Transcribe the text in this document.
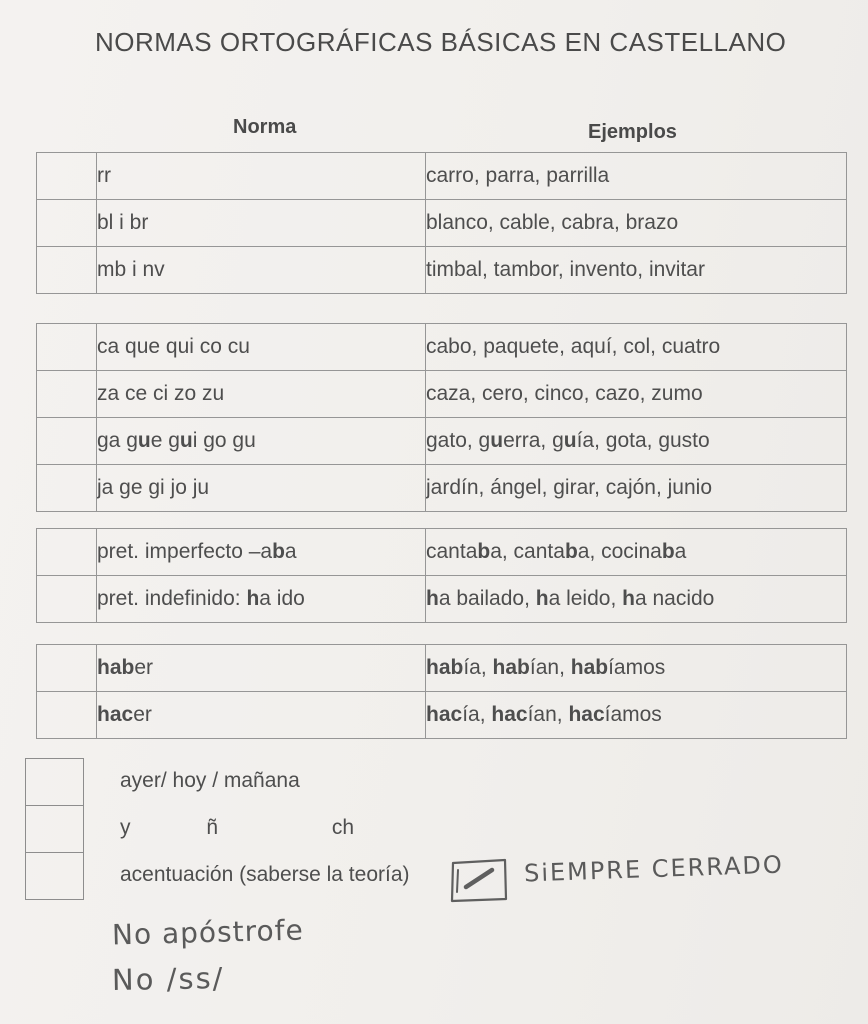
NORMAS ORTOGRÁFICAS BÁSICAS EN CASTELLANO
Norma	Ejemplos
	rr	carro, parra, parrilla
	bl i br	blanco, cable, cabra, brazo
	mb i nv	timbal, tambor, invento, invitar
	ca que qui co cu	cabo, paquete, aquí, col, cuatro
	za ce ci zo zu	caza, cero, cinco, cazo, zumo
	ga gue gui go gu	gato, guerra, guía, gota, gusto
	ja ge gi jo ju	jardín, ángel, girar, cajón, junio
	pret. imperfecto –aba	cantaba, cantaba, cocinaba
	pret. indefinido: ha ido	ha bailado, ha leido, ha nacido
	haber	había, habían, habíamos
	hacer	hacía, hacían, hacíamos

ayer/ hoy / mañana
y	ñ	ch
acentuación (saberse la teoría)	SiEMPRE CERRADO
No apóstrofe
No /ss/
